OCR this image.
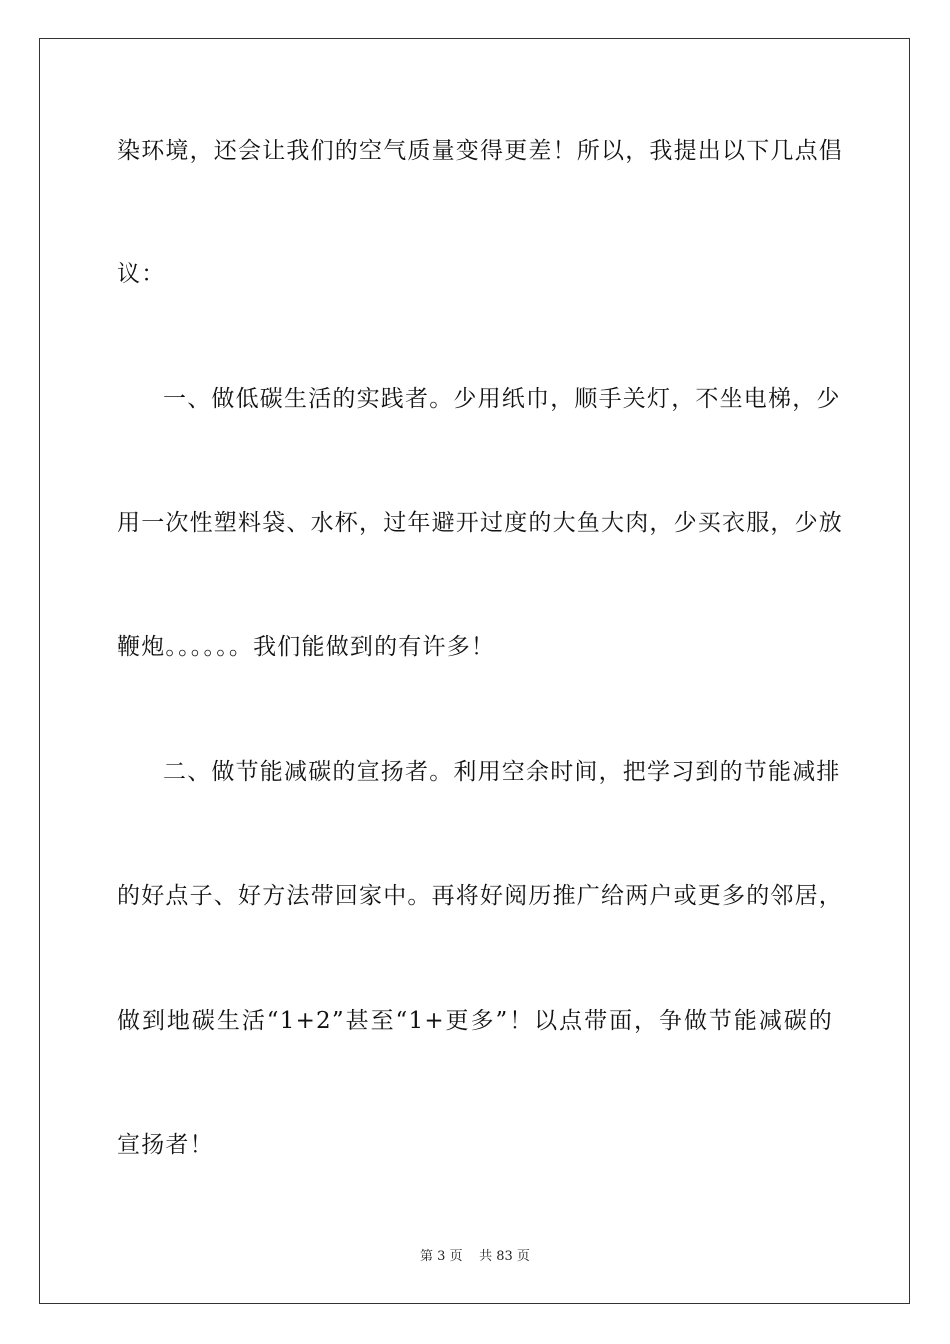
染环境，还会让我们的空气质量变得更差！所以，我提出以下几点倡
议：
一、做低碳生活的实践者。少用纸巾，顺手关灯，不坐电梯，少
用一次性塑料袋、水杯，过年避开过度的大鱼大肉，少买衣服，少放
鞭炮。。。。。。我们能做到的有许多！
二、做节能减碳的宣扬者。利用空余时间，把学习到的节能减排
的好点子、好方法带回家中。再将好阅历推广给两户或更多的邻居，
做到地碳生活“1+2”甚至“1+更多”！以点带面，争做节能减碳的
宣扬者！
第 3 页 共 83 页
